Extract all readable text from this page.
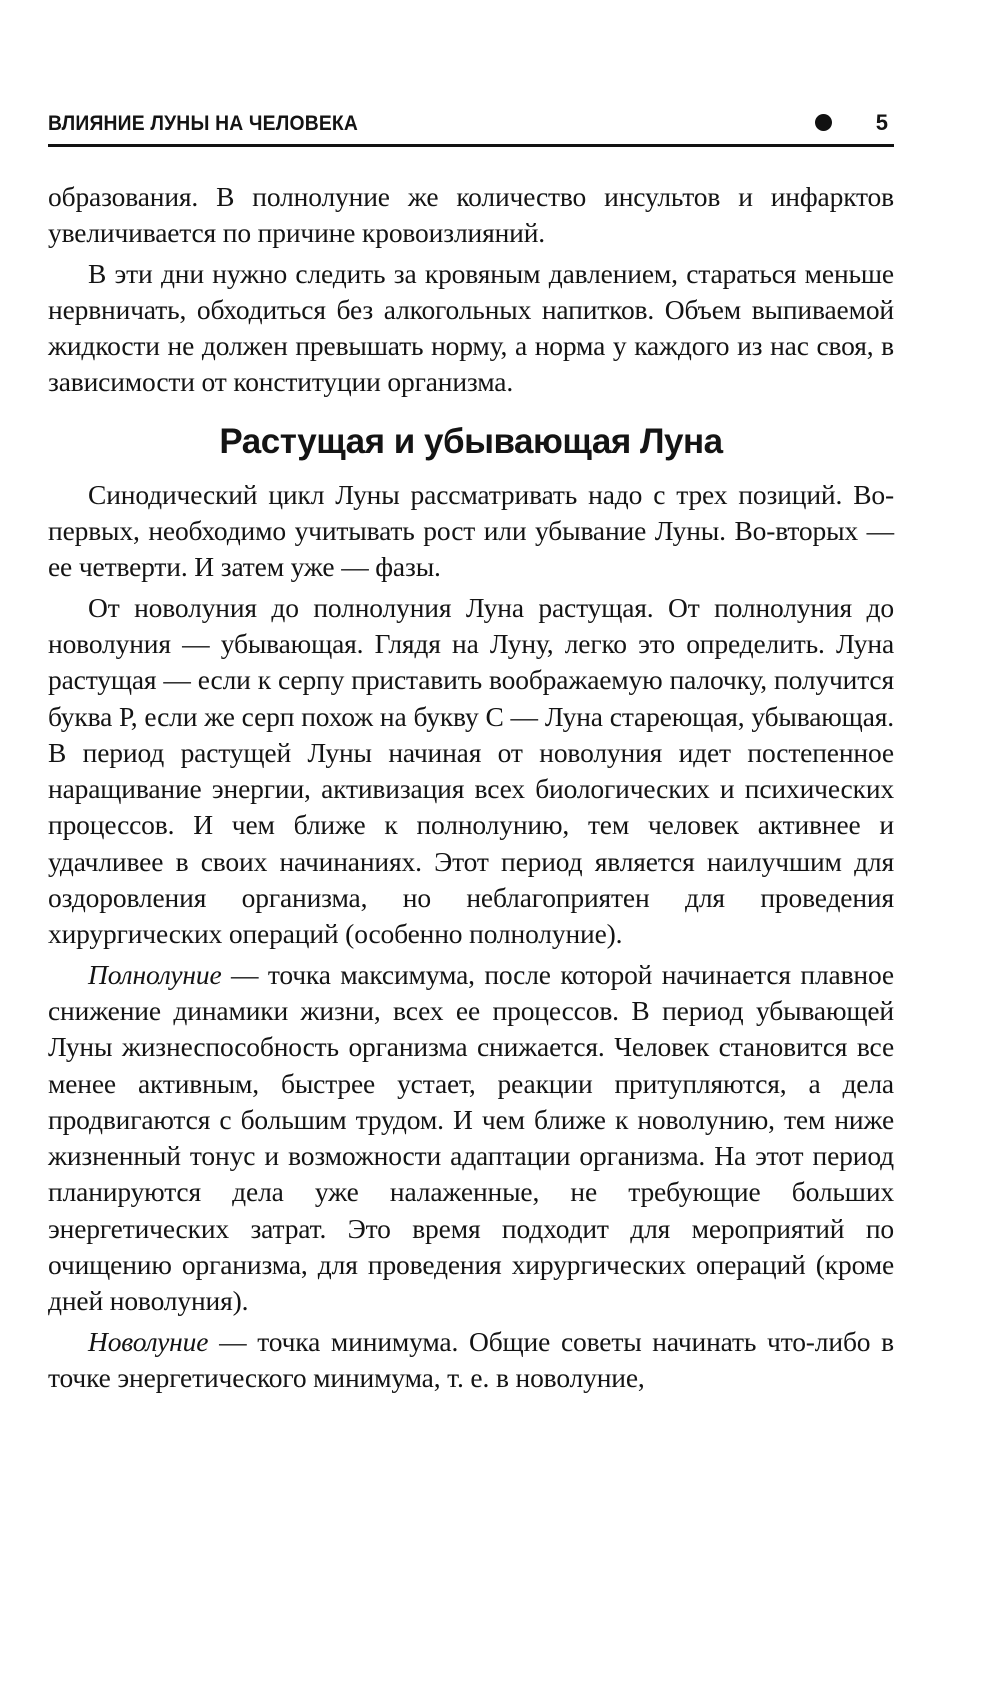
ВЛИЯНИЕ ЛУНЫ НА ЧЕЛОВЕКА	5

образования. В полнолуние же количество инсультов и инфарктов увеличивается по причине кровоизлияний.

В эти дни нужно следить за кровяным давлением, стараться меньше нервничать, обходиться без алкогольных напитков. Объем выпиваемой жидкости не должен превышать норму, а норма у каждого из нас своя, в зависимости от конституции организма.

Растущая и убывающая Луна

Синодический цикл Луны рассматривать надо с трех позиций. Во-первых, необходимо учитывать рост или убывание Луны. Во-вторых — ее четверти. И затем уже — фазы.

От новолуния до полнолуния Луна растущая. От полнолуния до новолуния — убывающая. Глядя на Луну, легко это определить. Луна растущая — если к серпу приставить воображаемую палочку, получится буква Р, если же серп похож на букву С — Луна стареющая, убывающая. В период растущей Луны начиная от новолуния идет постепенное наращивание энергии, активизация всех биологических и психических процессов. И чем ближе к полнолунию, тем человек активнее и удачливее в своих начинаниях. Этот период является наилучшим для оздоровления организма, но неблагоприятен для проведения хирургических операций (особенно полнолуние).

Полнолуние — точка максимума, после которой начинается плавное снижение динамики жизни, всех ее процессов. В период убывающей Луны жизнеспособность организма снижается. Человек становится все менее активным, быстрее устает, реакции притупляются, а дела продвигаются с большим трудом. И чем ближе к новолунию, тем ниже жизненный тонус и возможности адаптации организма. На этот период планируются дела уже налаженные, не требующие больших энергетических затрат. Это время подходит для мероприятий по очищению организма, для проведения хирургических операций (кроме дней новолуния).

Новолуние — точка минимума. Общие советы начинать что-либо в точке энергетического минимума, т. е. в новолуние,
